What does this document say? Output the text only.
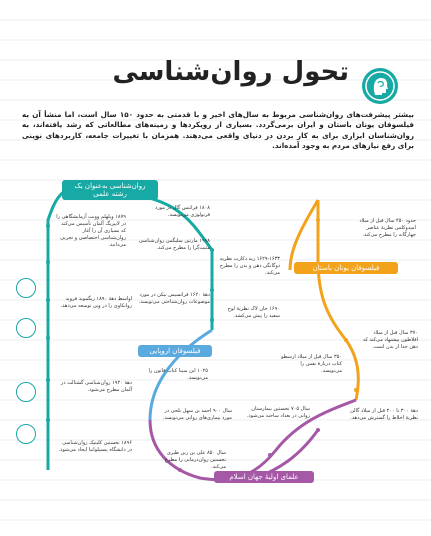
تحول روان‌شناسی
بیشتر پیشرفت‌های روان‌شناسی مربوط به سال‌های اخیر و با قدمتی به حدود ۱۵۰ سال است، اما منشأ آن به فیلسوفان یونان باستان و ایران برمی‌گردد. بسیاری از رویکردها و زمینه‌های مطالعاتی که رشد یافته‌اند، به روان‌شناسان ابزاری برای به کار بردن در دنیای واقعی می‌دهند. همزمان با تغییرات جامعه، کاربردهای نوینی برای رفع نیازهای مردم به وجود آمده‌اند.
روان‌شناسی به‌عنوان یک رشته علمی
فیلسوفان یونان باستان
فیلسوفان اروپایی
علمای اولیهٔ جهان اسلام
۱۸۷۹ ویلهلم وونت آزمایشگاهی را در لایپزیگ آلمان تأسیس می‌کند که بسیاری آن را آغاز روان‌شناسی اختصاصی و تجربی می‌دانند.
اواسط دههٔ ۱۸۹۰ زیگموند فروید روانکاوی را در وین توسعه می‌دهد.
دههٔ ۱۹۲۰ روان‌شناسی گشتالت در آلمان مطرح می‌شود.
۱۸۹۶ نخستین کلینیک روان‌شناسی در دانشگاه پنسیلوانیا ایجاد می‌شود.
۱۸۰۸ فرانتس گال در مورد فرنولوژی می‌نویسد.
۱۹۹۸ مارتین سلیگمن روان‌شناسی مثبت‌گرا را مطرح می‌کند.
۱۶۲۹-۱۶۳۳ رنه دکارت نظریه دوگانگی ذهن و بدن را مطرح می‌کند.
دههٔ ۱۶۲۰ فرانسیس بیکن در مورد موضوعات روان‌شناختی می‌نویسد.
۱۶۹۰ جان لاک نظریهٔ لوح سفید را پیش می‌کشد.
۱۰۲۵ ابن سینا کتاب قانون را می‌نویسد.
سال ۹۰۰ احمد بن سهل بلخی در مورد بیماری‌های روانی می‌نویسد.
سال ۸۵۰ علی بن ربن طبری نخستین روان‌درمانی را مطرح می‌کند.
سال ۷۰۵ نخستین بیمارستان روانی در بغداد ساخته می‌شود.
حدود ۴۵۰ سال قبل از میلاد امپدوکلس نظریهٔ عناصر چهارگانه را مطرح می‌کند.
۳۷۰ سال قبل از میلاد افلاطون پیشنهاد می‌کند که ذهن جدا از بدن است.
۳۵۰ سال قبل از میلاد ارسطو کتاب دربارهٔ نفس را می‌نویسد.
دههٔ ۳۰۰ تا ۲۰۰ قبل از میلاد گالن نظریهٔ اخلاط را گسترش می‌دهد.
